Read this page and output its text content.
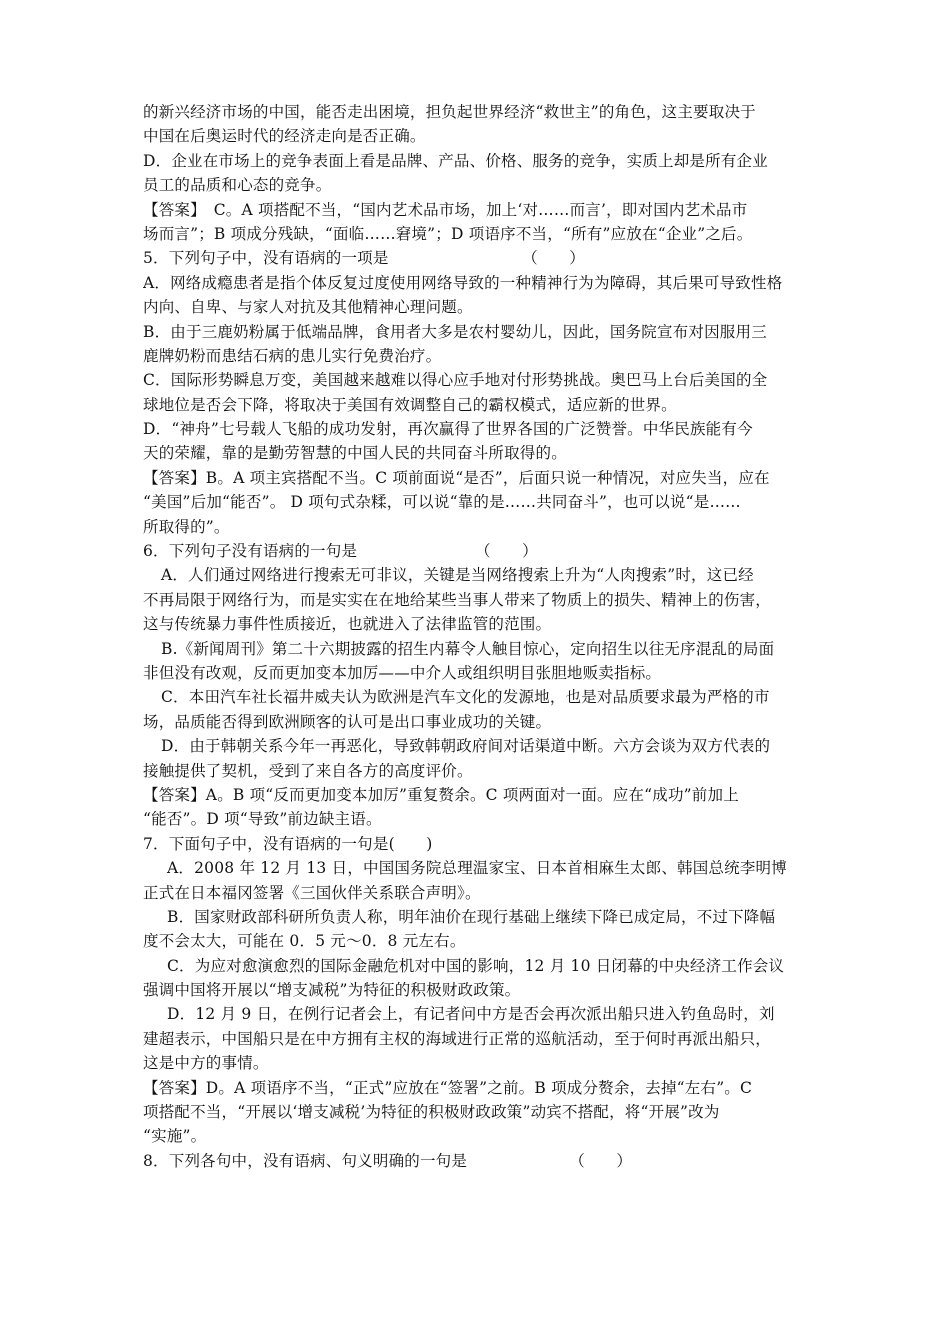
的新兴经济市场的中国，能否走出困境，担负起世界经济“救世主”的角色，这主要取决于
中国在后奥运时代的经济走向是否正确。
D．企业在市场上的竞争表面上看是品牌、产品、价格、服务的竞争，实质上却是所有企业
员工的品质和心态的竞争。
【答案】　C。A 项搭配不当，“国内艺术品市场，加上‘对……而言’，即对国内艺术品市
场而言”；B 项成分残缺，“面临……窘境”；D 项语序不当，“所有”应放在“企业”之后。
5．下列句子中，没有语病的一项是　　　　　　　　　（　　）
A．网络成瘾患者是指个体反复过度使用网络导致的一种精神行为为障碍，其后果可导致性格
内向、自卑、与家人对抗及其他精神心理问题。
B．由于三鹿奶粉属于低端品牌，食用者大多是农村婴幼儿，因此，国务院宣布对因服用三
鹿牌奶粉而患结石病的患儿实行免费治疗。
C．国际形势瞬息万变，美国越来越难以得心应手地对付形势挑战。奥巴马上台后美国的全
球地位是否会下降，将取决于美国有效调整自己的霸权模式，适应新的世界。
D．“神舟”七号载人飞船的成功发射，再次赢得了世界各国的广泛赞誉。中华民族能有今
天的荣耀，靠的是勤劳智慧的中国人民的共同奋斗所取得的。
【答案】B。A 项主宾搭配不当。C 项前面说“是否”，后面只说一种情况，对应失当，应在
“美国”后加“能否”。 D 项句式杂糅，可以说“靠的是……共同奋斗”，也可以说“是……
所取得的”。
6．下列句子没有语病的一句是　　　　　　　　（　　）
A．人们通过网络进行搜索无可非议，关键是当网络搜索上升为“人肉搜索”时，这已经
不再局限于网络行为，而是实实在在地给某些当事人带来了物质上的损失、精神上的伤害，
这与传统暴力事件性质接近，也就进入了法律监管的范围。
B.《新闻周刊》第二十六期披露的招生内幕令人触目惊心，定向招生以往无序混乱的局面
非但没有改观，反而更加变本加厉——中介人或组织明目张胆地贩卖指标。
C．本田汽车社长福井威夫认为欧洲是汽车文化的发源地，也是对品质要求最为严格的市
场，品质能否得到欧洲顾客的认可是出口事业成功的关键。
D．由于韩朝关系今年一再恶化，导致韩朝政府间对话渠道中断。六方会谈为双方代表的
接触提供了契机，受到了来自各方的高度评价。
【答案】A。B 项“反而更加变本加厉”重复赘余。C 项两面对一面。应在“成功”前加上
“能否”。D 项“导致”前边缺主语。
7．下面句子中，没有语病的一句是(　　)
A．2008 年 12 月 13 日，中国国务院总理温家宝、日本首相麻生太郎、韩国总统李明博
正式在日本福冈签署《三国伙伴关系联合声明》。
B．国家财政部科研所负责人称，明年油价在现行基础上继续下降已成定局，不过下降幅
度不会太大，可能在 0．5 元～0．8 元左右。
C．为应对愈演愈烈的国际金融危机对中国的影响，12 月 10 日闭幕的中央经济工作会议
强调中国将开展以“增支减税”为特征的积极财政政策。
D．12 月 9 日，在例行记者会上，有记者问中方是否会再次派出船只进入钓鱼岛时，刘
建超表示，中国船只是在中方拥有主权的海域进行正常的巡航活动，至于何时再派出船只，
这是中方的事情。
【答案】D。A 项语序不当，“正式”应放在“签署”之前。B 项成分赘余，去掉“左右”。C
项搭配不当，“开展以‘增支减税’为特征的积极财政政策”动宾不搭配，将“开展”改为
“实施”。
8．下列各句中，没有语病、句义明确的一句是　　　　　　　（　　）
